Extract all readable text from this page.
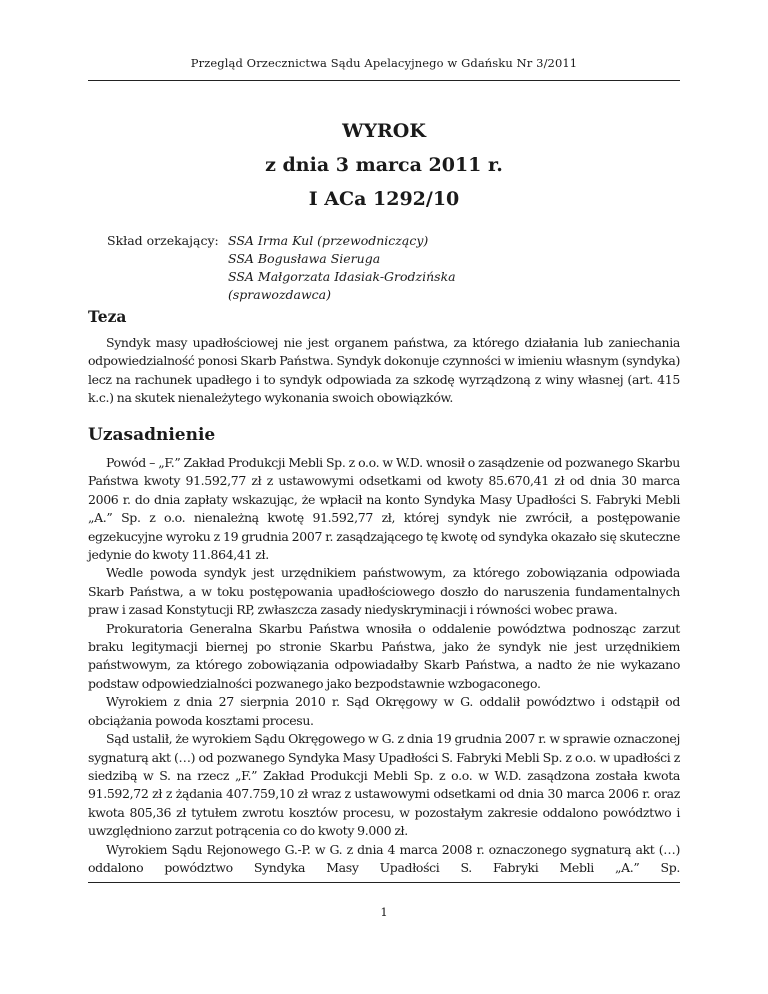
Przegląd Orzecznictwa Sądu Apelacyjnego w Gdańsku Nr 3/2011
WYROK
z dnia 3 marca 2011 r.
I ACa 1292/10
Skład orzekający: SSA Irma Kul (przewodniczący)
SSA Bogusława Sieruga
SSA Małgorzata Idasiak-Grodzińska
(sprawozdawca)
Teza
Syndyk masy upadłościowej nie jest organem państwa, za którego działania lub zaniechania odpowiedzialność ponosi Skarb Państwa. Syndyk dokonuje czynności w imieniu własnym (syndyka) lecz na rachunek upadłego i to syndyk odpowiada za szkodę wyrządzoną z winy własnej (art. 415 k.c.) na skutek nienależytego wykonania swoich obowiązków.
Uzasadnienie
Powód – „F.” Zakład Produkcji Mebli Sp. z o.o. w W.D. wnosił o zasądzenie od pozwanego Skarbu Państwa kwoty 91.592,77 zł z ustawowymi odsetkami od kwoty 85.670,41 zł od dnia 30 marca 2006 r. do dnia zapłaty wskazując, że wpłacił na konto Syndyka Masy Upadłości S. Fabryki Mebli „A.” Sp. z o.o. nienależną kwotę 91.592,77 zł, której syndyk nie zwrócił, a postępowanie egzekucyjne wyroku z 19 grudnia 2007 r. zasądzającego tę kwotę od syndyka okazało się skuteczne jedynie do kwoty 11.864,41 zł.
Wedle powoda syndyk jest urzędnikiem państwowym, za którego zobowiązania odpowiada Skarb Państwa, a w toku postępowania upadłościowego doszło do naruszenia fundamentalnych praw i zasad Konstytucji RP, zwłaszcza zasady niedyskryminacji i równości wobec prawa.
Prokuratoria Generalna Skarbu Państwa wnosiła o oddalenie powództwa podnosząc zarzut braku legitymacji biernej po stronie Skarbu Państwa, jako że syndyk nie jest urzędnikiem państwowym, za którego zobowiązania odpowiadałby Skarb Państwa, a nadto że nie wykazano podstaw odpowiedzialności pozwanego jako bezpodstawnie wzbogaconego.
Wyrokiem z dnia 27 sierpnia 2010 r. Sąd Okręgowy w G. oddalił powództwo i odstąpił od obciążania powoda kosztami procesu.
Sąd ustalił, że wyrokiem Sądu Okręgowego w G. z dnia 19 grudnia 2007 r. w sprawie oznaczonej sygnaturą akt (…) od pozwanego Syndyka Masy Upadłości S. Fabryki Mebli Sp. z o.o. w upadłości z siedzibą w S. na rzecz „F.” Zakład Produkcji Mebli Sp. z o.o. w W.D. zasądzona została kwota 91.592,72 zł z żądania 407.759,10 zł wraz z ustawowymi odsetkami od dnia 30 marca 2006 r. oraz kwota 805,36 zł tytułem zwrotu kosztów procesu, w pozostałym zakresie oddalono powództwo i uwzględniono zarzut potrącenia co do kwoty 9.000 zł.
Wyrokiem Sądu Rejonowego G.-P. w G. z dnia 4 marca 2008 r. oznaczonego sygnaturą akt (…) oddalono powództwo Syndyka Masy Upadłości S. Fabryki Mebli „A.” Sp.
1
